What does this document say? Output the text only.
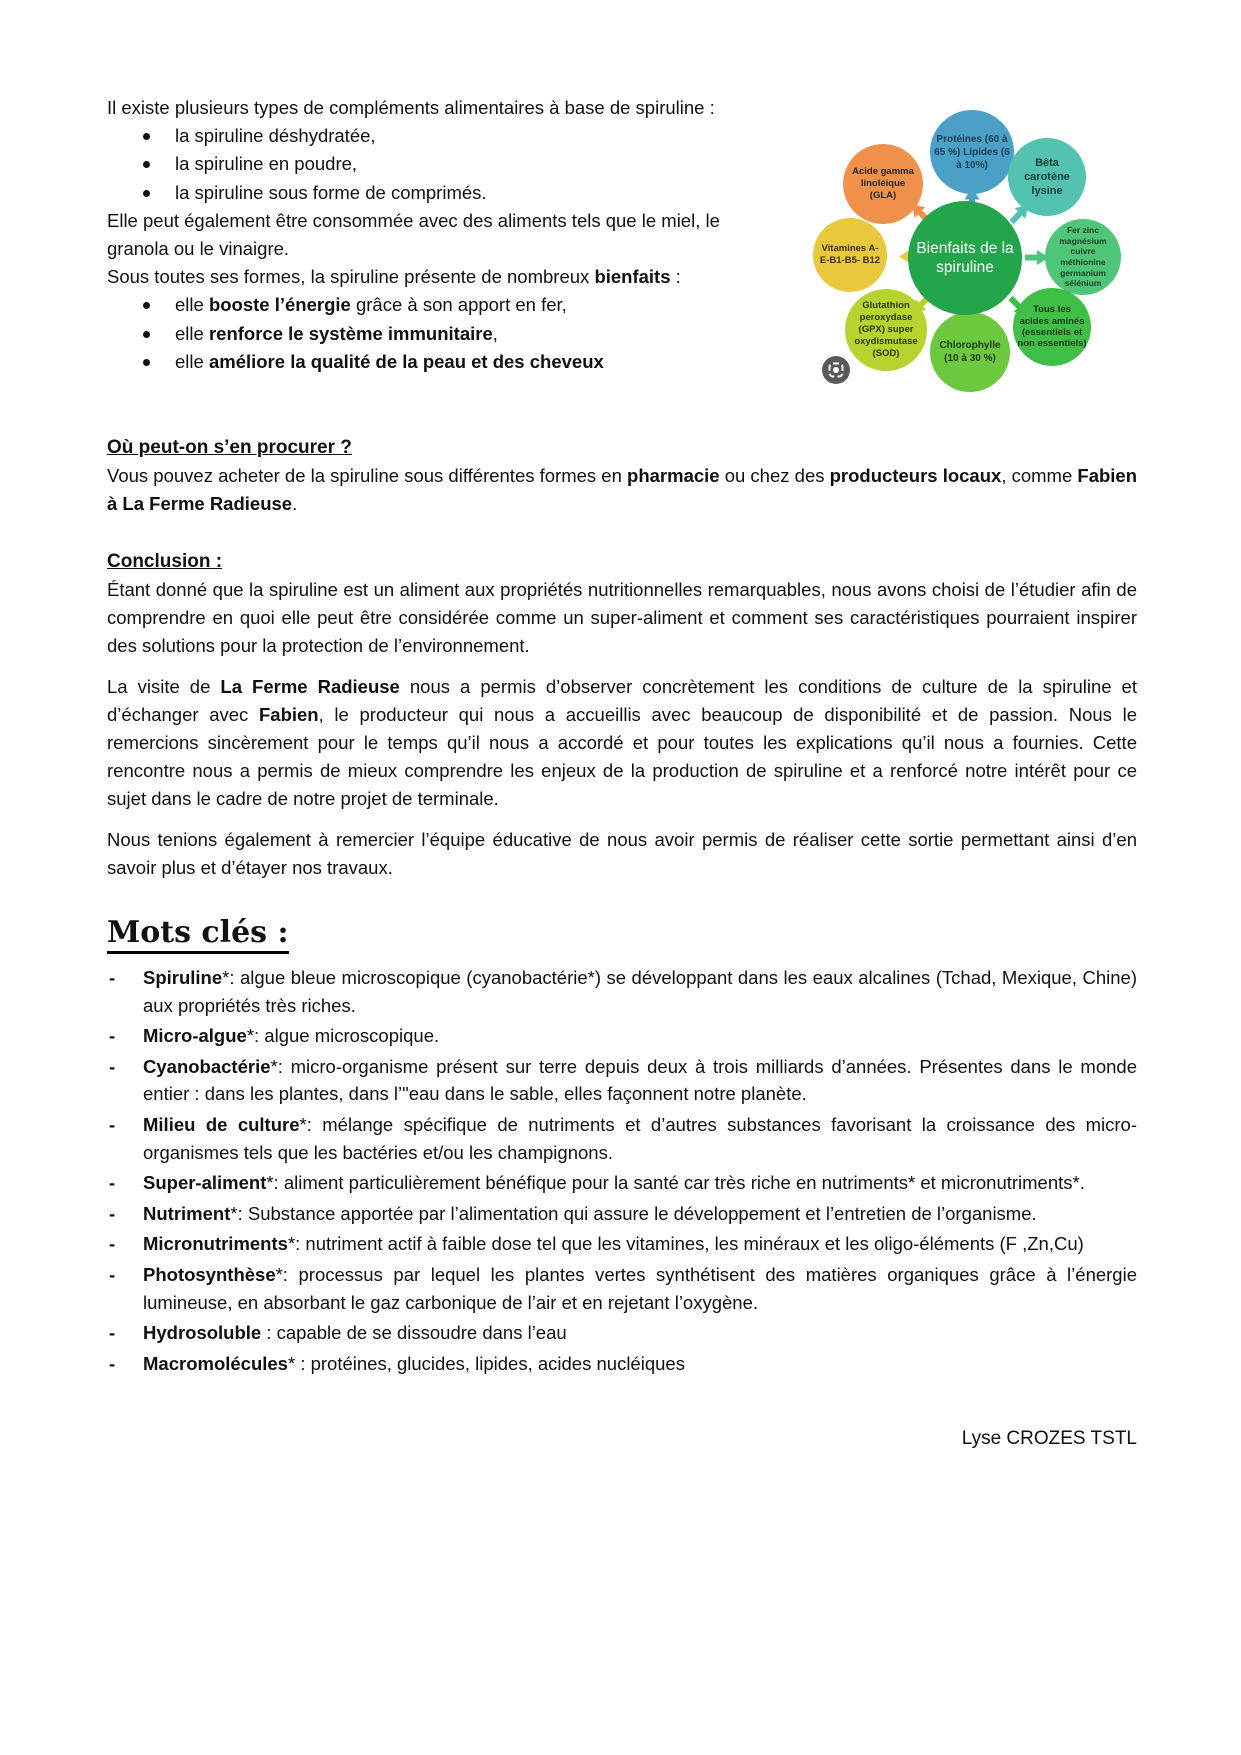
Acide gamma linoléique (GLA)
Protéines (60 à 65 %) Lipides (6 à 10%)	Bêta carotène lysine
Fer zinc magnésium cuivre méthionine germanium sélénium
Tous les acides aminés (essentiels et non essentiels)
Chlorophylle (10 à 30 %)
Glutathion peroxydase (GPX) super oxydismutase (SOD)
Vitamines A-E-B1-B5- B12
Bienfaits de la spiruline
Il existe plusieurs types de compléments alimentaires à base de spiruline :
la spiruline déshydratée,
la spiruline en poudre,
la spiruline sous forme de comprimés.
Elle peut également être consommée avec des aliments tels que le miel, le
granola ou le vinaigre.
Sous toutes ses formes, la spiruline présente de nombreux bienfaits :
elle booste l’énergie grâce à son apport en fer,
elle renforce le système immunitaire,
elle améliore la qualité de la peau et des cheveux
Où peut-on s’en procurer ?

Vous pouvez acheter de la spiruline sous différentes formes en pharmacie ou chez des producteurs locaux, comme Fabien à La Ferme Radieuse.

Conclusion :

Étant donné que la spiruline est un aliment aux propriétés nutritionnelles remarquables, nous avons choisi de l’étudier afin de comprendre en quoi elle peut être considérée comme un super-aliment et comment ses caractéristiques pourraient inspirer des solutions pour la protection de l’environnement.

La visite de La Ferme Radieuse nous a permis d’observer concrètement les conditions de culture de la spiruline et d’échanger avec Fabien, le producteur qui nous a accueillis avec beaucoup de disponibilité et de passion. Nous le remercions sincèrement pour le temps qu’il nous a accordé et pour toutes les explications qu’il nous a fournies. Cette rencontre nous a permis de mieux comprendre les enjeux de la production de spiruline et a renforcé notre intérêt pour ce sujet dans le cadre de notre projet de terminale.

Nous tenions également à remercier l’équipe éducative de nous avoir permis de réaliser cette sortie permettant ainsi d’en savoir plus et d’étayer nos travaux.

Mots clés :
- Spiruline*: algue bleue microscopique (cyanobactérie*) se développant dans les eaux alcalines (Tchad, Mexique, Chine) aux propriétés très riches.
- Micro-algue*: algue microscopique.
- Cyanobactérie*: micro-organisme présent sur terre depuis deux à trois milliards d’années. Présentes dans le monde entier : dans les plantes, dans l’"eau dans le sable, elles façonnent notre planète.
- Milieu de culture*: mélange spécifique de nutriments et d’autres substances favorisant la croissance des micro-organismes tels que les bactéries et/ou les champignons.
- Super-aliment*: aliment particulièrement bénéfique pour la santé car très riche en nutriments* et micronutriments*.
- Nutriment*: Substance apportée par l’alimentation qui assure le développement et l’entretien de l’organisme.
- Micronutriments*: nutriment actif à faible dose tel que les vitamines, les minéraux et les oligo-éléments (F ,Zn,Cu)
- Photosynthèse*: processus par lequel les plantes vertes synthétisent des matières organiques grâce à l’énergie lumineuse, en absorbant le gaz carbonique de l’air et en rejetant l’oxygène.
- Hydrosoluble : capable de se dissoudre dans l’eau
- Macromolécules* : protéines, glucides, lipides, acides nucléiques
Lyse CROZES TSTL
